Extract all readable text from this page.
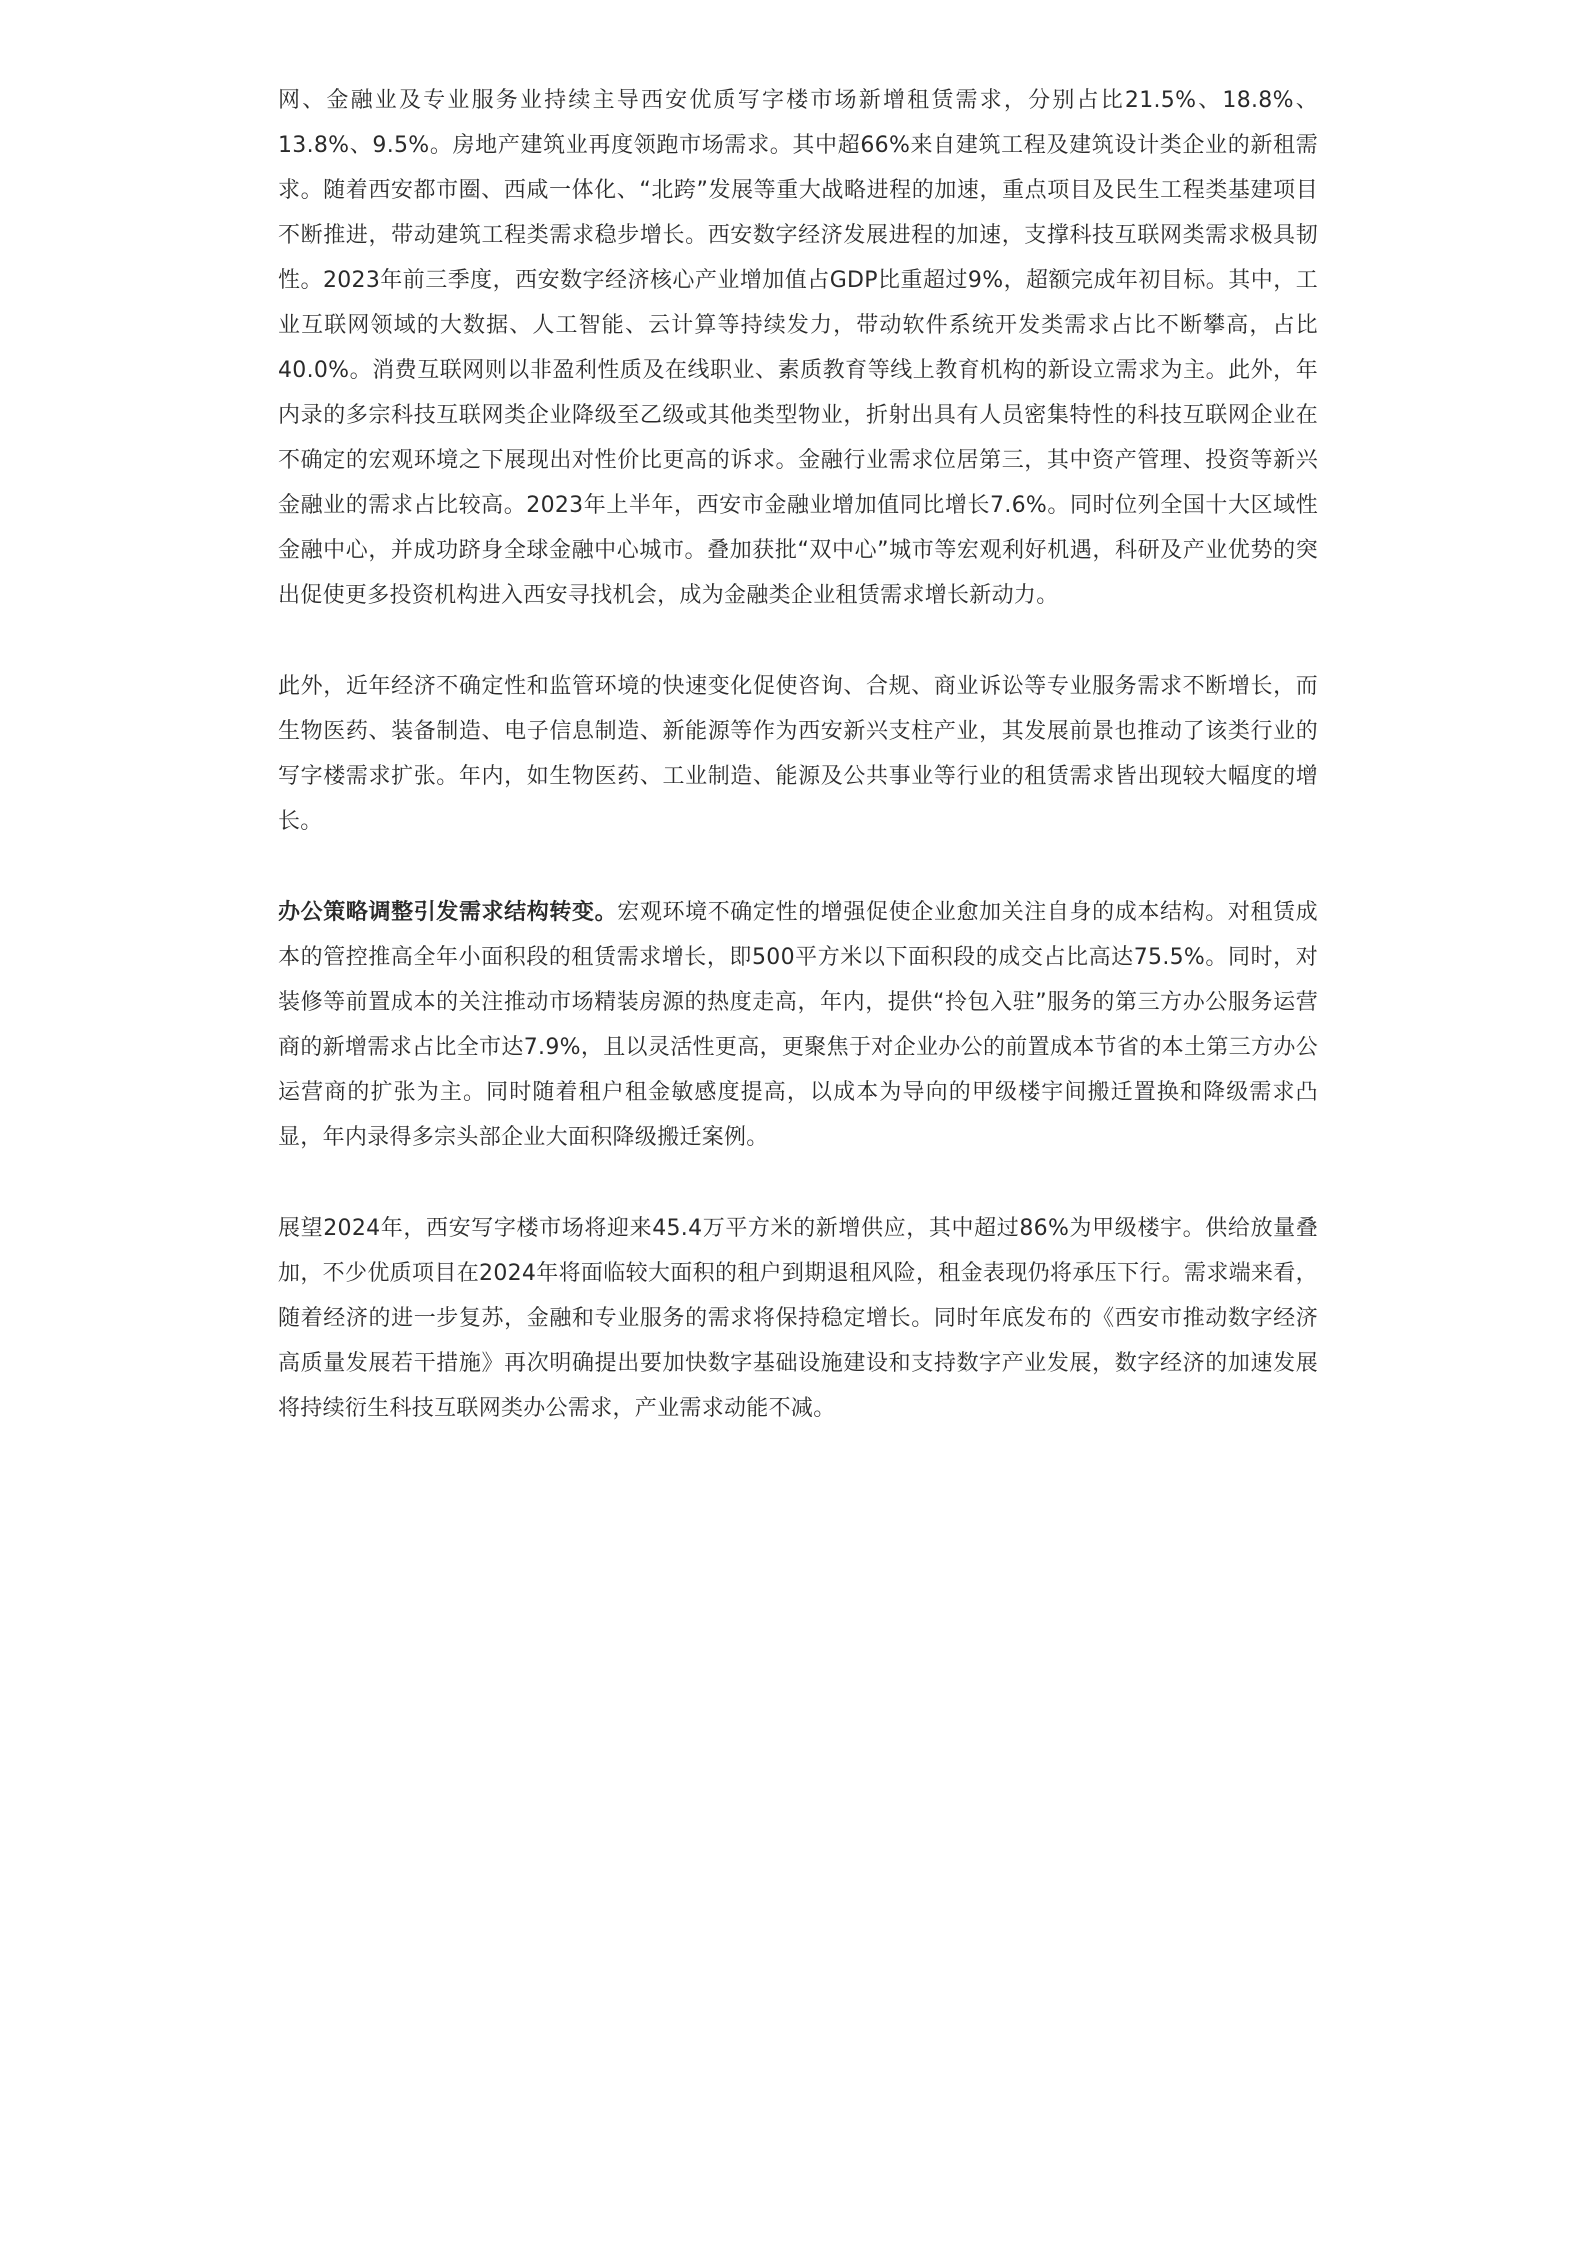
网、金融业及专业服务业持续主导西安优质写字楼市场新增租赁需求，分别占比21.5%、18.8%、13.8%、9.5%。房地产建筑业再度领跑市场需求。其中超66%来自建筑工程及建筑设计类企业的新租需求。随着西安都市圈、西咸一体化、“北跨”发展等重大战略进程的加速，重点项目及民生工程类基建项目不断推进，带动建筑工程类需求稳步增长。西安数字经济发展进程的加速，支撑科技互联网类需求极具韧性。2023年前三季度，西安数字经济核心产业增加值占GDP比重超过9%，超额完成年初目标。其中，工业互联网领域的大数据、人工智能、云计算等持续发力，带动软件系统开发类需求占比不断攀高，占比40.0%。消费互联网则以非盈利性质及在线职业、素质教育等线上教育机构的新设立需求为主。此外，年内录的多宗科技互联网类企业降级至乙级或其他类型物业，折射出具有人员密集特性的科技互联网企业在不确定的宏观环境之下展现出对性价比更高的诉求。金融行业需求位居第三，其中资产管理、投资等新兴金融业的需求占比较高。2023年上半年，西安市金融业增加值同比增长7.6%。同时位列全国十大区域性金融中心，并成功跻身全球金融中心城市。叠加获批“双中心”城市等宏观利好机遇，科研及产业优势的突出促使更多投资机构进入西安寻找机会，成为金融类企业租赁需求增长新动力。

此外，近年经济不确定性和监管环境的快速变化促使咨询、合规、商业诉讼等专业服务需求不断增长，而生物医药、装备制造、电子信息制造、新能源等作为西安新兴支柱产业，其发展前景也推动了该类行业的写字楼需求扩张。年内，如生物医药、工业制造、能源及公共事业等行业的租赁需求皆出现较大幅度的增长。

办公策略调整引发需求结构转变。宏观环境不确定性的增强促使企业愈加关注自身的成本结构。对租赁成本的管控推高全年小面积段的租赁需求增长，即500平方米以下面积段的成交占比高达75.5%。同时，对装修等前置成本的关注推动市场精装房源的热度走高，年内，提供“拎包入驻”服务的第三方办公服务运营商的新增需求占比全市达7.9%，且以灵活性更高，更聚焦于对企业办公的前置成本节省的本土第三方办公运营商的扩张为主。同时随着租户租金敏感度提高，以成本为导向的甲级楼宇间搬迁置换和降级需求凸显，年内录得多宗头部企业大面积降级搬迁案例。

展望2024年，西安写字楼市场将迎来45.4万平方米的新增供应，其中超过86%为甲级楼宇。供给放量叠加，不少优质项目在2024年将面临较大面积的租户到期退租风险，租金表现仍将承压下行。需求端来看，随着经济的进一步复苏，金融和专业服务的需求将保持稳定增长。同时年底发布的《西安市推动数字经济高质量发展若干措施》再次明确提出要加快数字基础设施建设和支持数字产业发展，数字经济的加速发展将持续衍生科技互联网类办公需求，产业需求动能不减。
